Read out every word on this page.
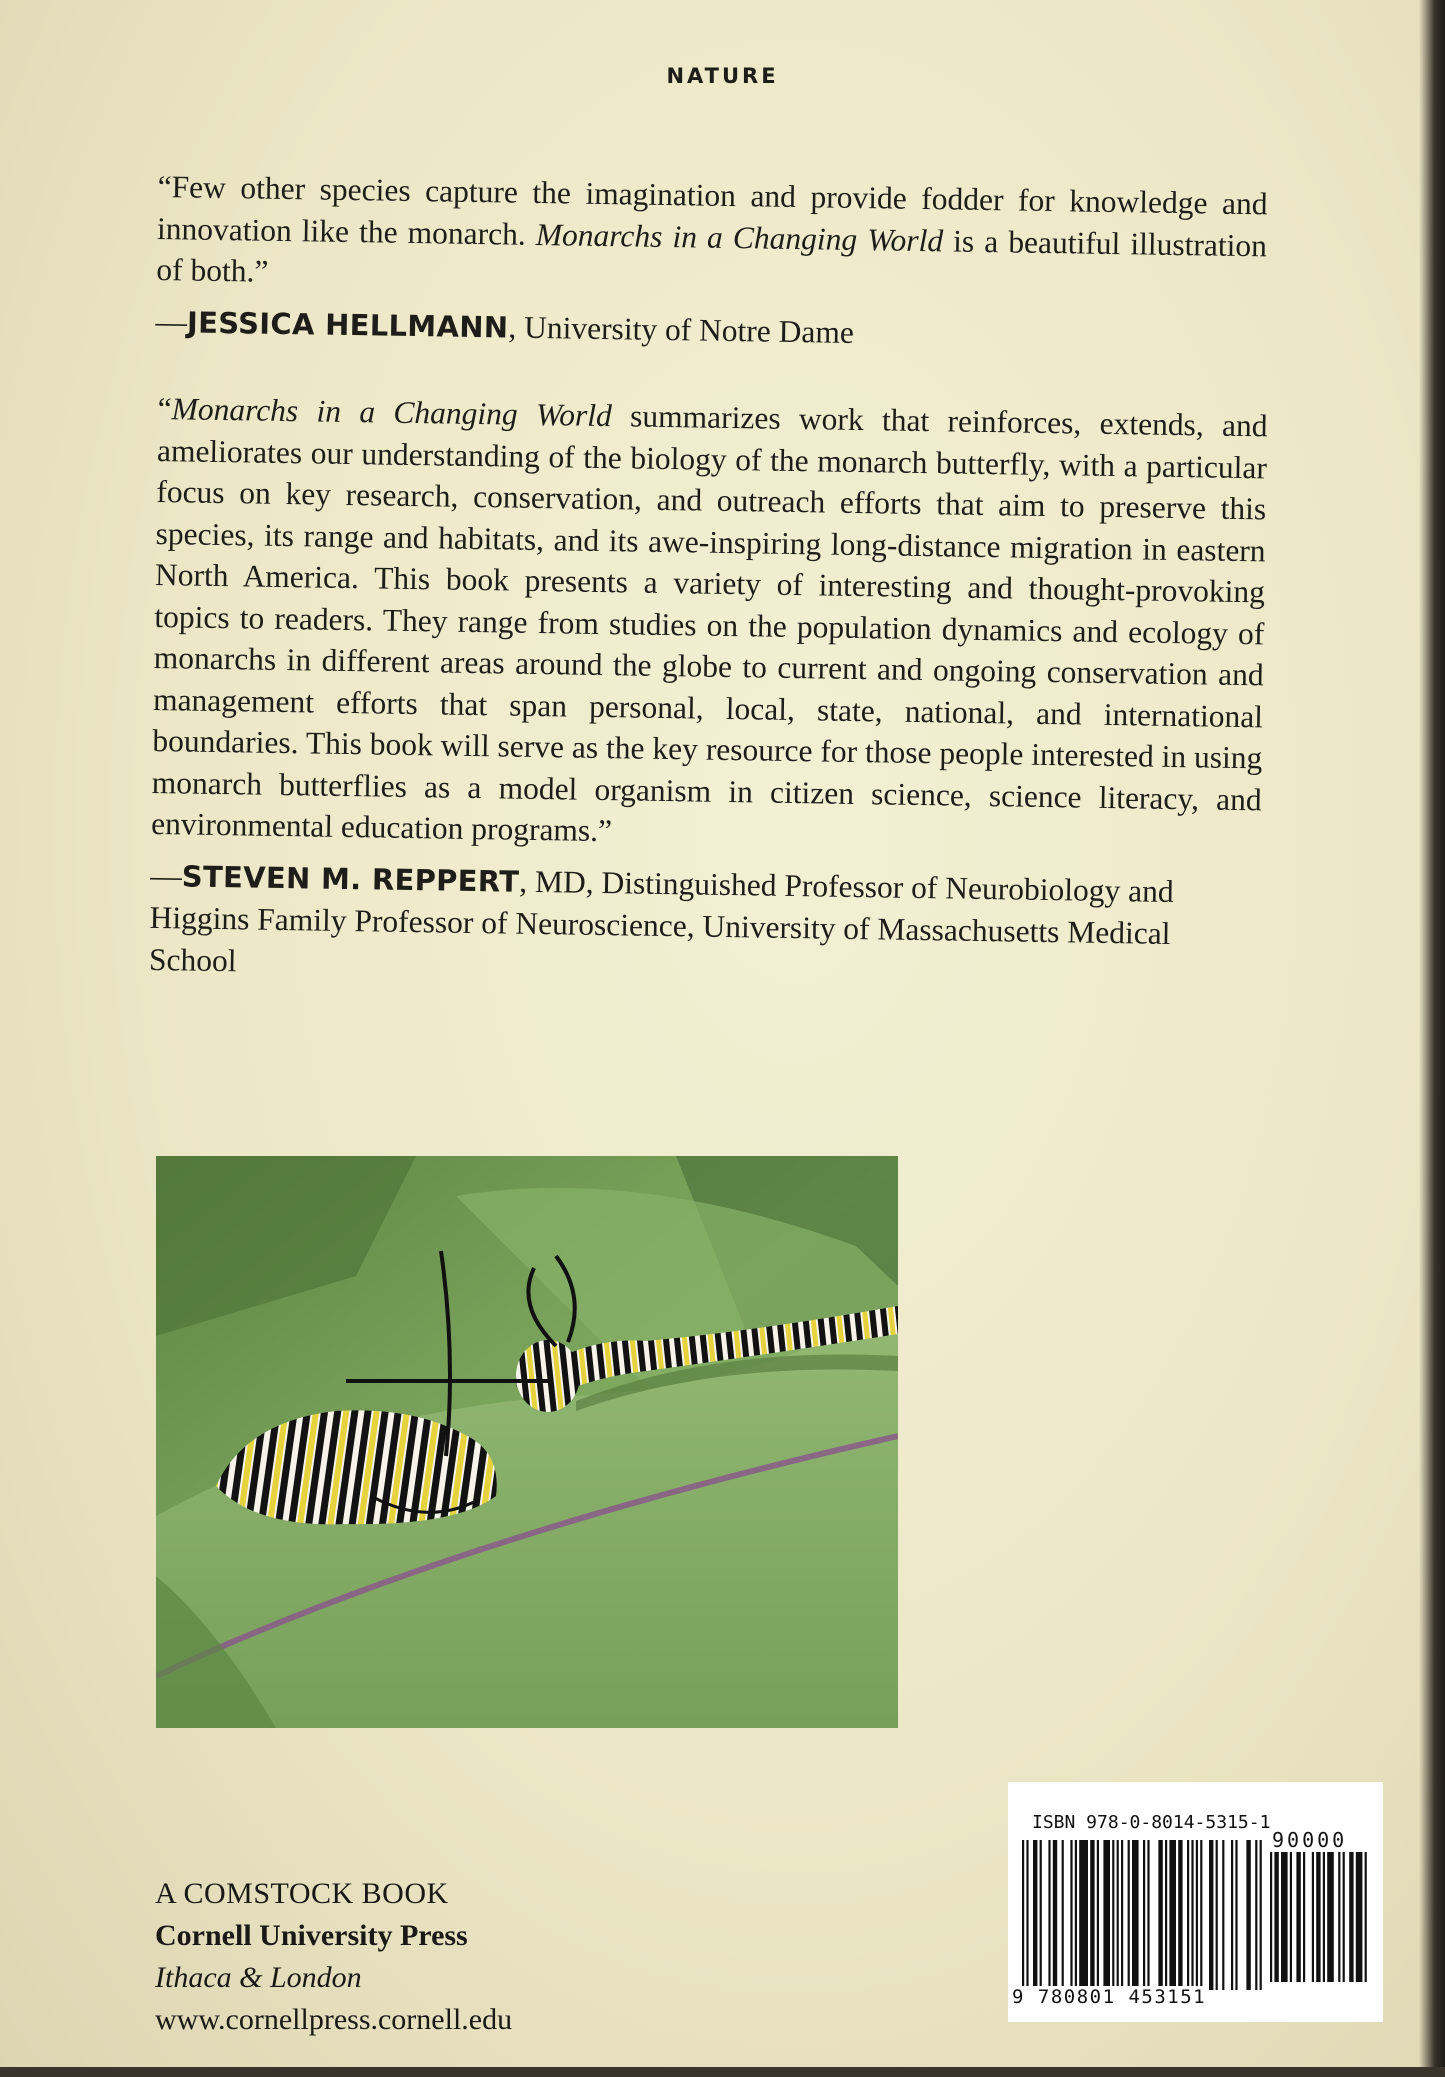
NATURE

“Few other species capture the imagination and provide fodder for knowledge and innovation like the monarch. Monarchs in a Changing World is a beautiful illustration of both.”

—JESSICA HELLMANN, University of Notre Dame

“Monarchs in a Changing World summarizes work that reinforces, extends, and ameliorates our understanding of the biology of the monarch butterfly, with a particular focus on key research, conservation, and outreach efforts that aim to preserve this species, its range and habitats, and its awe-inspiring long-distance migration in eastern North America. This book presents a variety of interesting and thought-provoking topics to readers. They range from studies on the population dynamics and ecology of monarchs in different areas around the globe to current and ongoing conservation and management efforts that span personal, local, state, national, and international boundaries. This book will serve as the key resource for those people interested in using monarch butterflies as a model organism in citizen science, science literacy, and environmental education programs.”

—STEVEN M. REPPERT, MD, Distinguished Professor of Neurobiology and Higgins Family Professor of Neuroscience, University of Massachusetts Medical School

A COMSTOCK BOOK
Cornell University Press
Ithaca & London
www.cornellpress.cornell.edu
ISBN 978-0-8014-5315-1
90000
9 780801 453151
